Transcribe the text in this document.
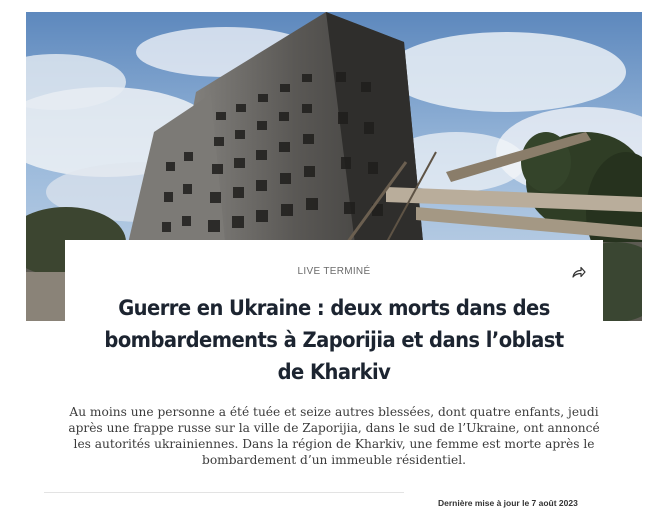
LIVE TERMINÉ
Guerre en Ukraine : deux morts dans des bombardements à Zaporijia et dans l’oblast de Kharkiv

Au moins une personne a été tuée et seize autres blessées, dont quatre enfants, jeudi après une frappe russe sur la ville de Zaporijia, dans le sud de l’Ukraine, ont annoncé les autorités ukrainiennes. Dans la région de Kharkiv, une femme est morte après le bombardement d’un immeuble résidentiel.

Dernière mise à jour le 7 août 2023
